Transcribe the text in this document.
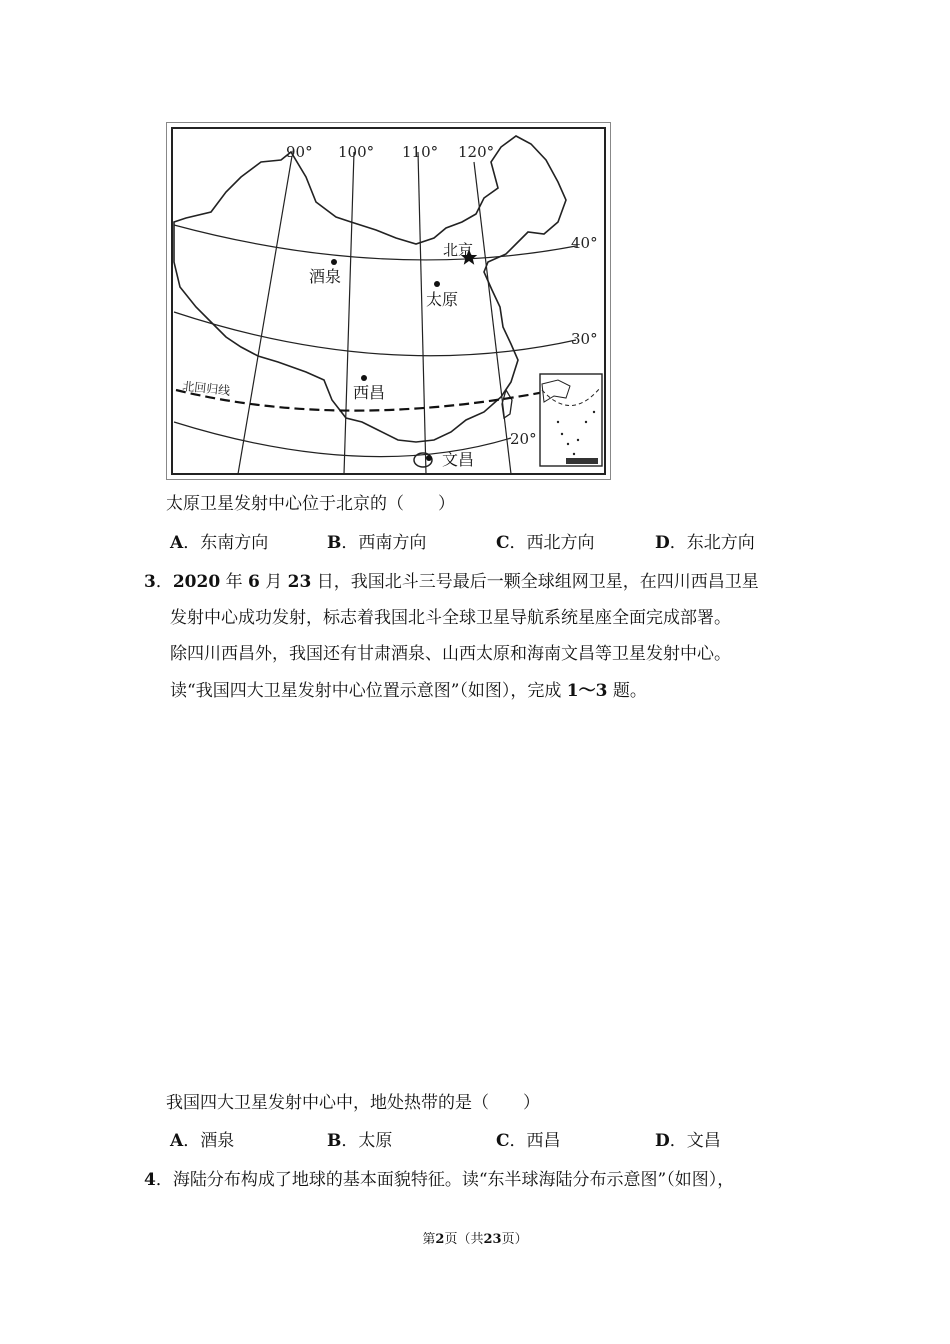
90° 100° 110° 120°
40°
30°
20°
北回归线
北京
酒泉
太原
西昌
文昌
太原卫星发射中心位于北京的（　　）
A．东南方向	B．西南方向	C．西北方向	D．东北方向
3．2020 年 6 月 23 日，我国北斗三号最后一颗全球组网卫星，在四川西昌卫星
发射中心成功发射，标志着我国北斗全球卫星导航系统星座全面完成部署。
除四川西昌外，我国还有甘肃酒泉、山西太原和海南文昌等卫星发射中心。
读“我国四大卫星发射中心位置示意图”（如图），完成 1～3 题。
我国四大卫星发射中心中，地处热带的是（　　）
A．酒泉	B．太原	C．西昌	D．文昌
4．海陆分布构成了地球的基本面貌特征。读“东半球海陆分布示意图”（如图），
第2页（共23页）
